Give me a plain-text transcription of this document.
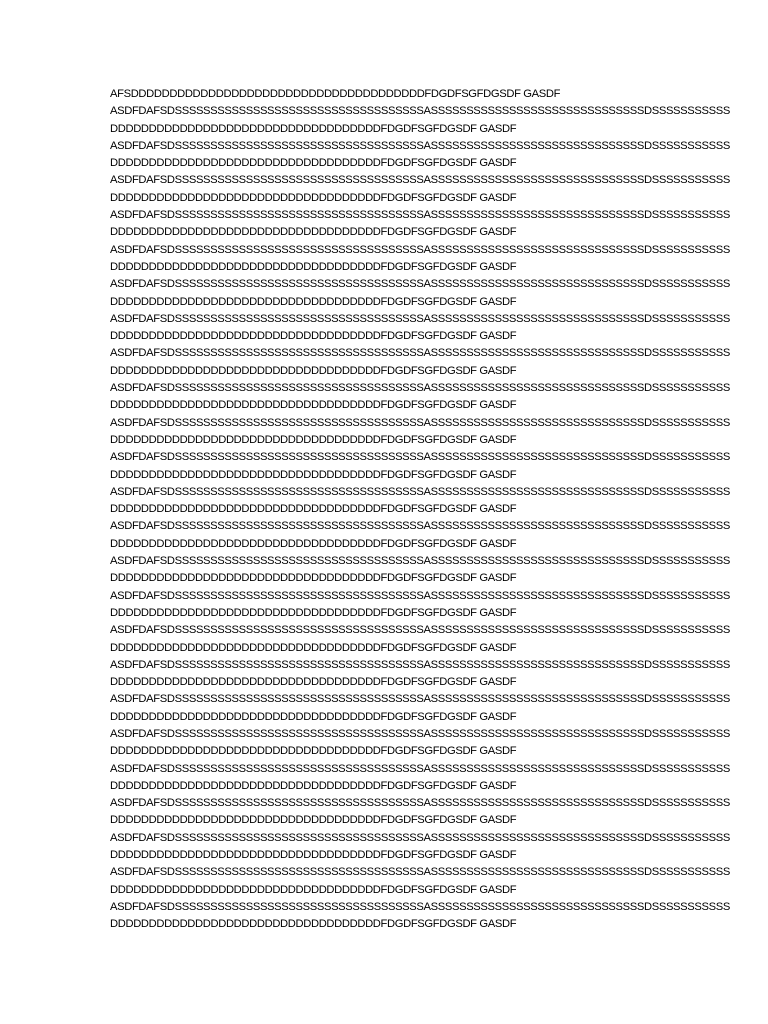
AFSDDDDDDDDDDDDDDDDDDDDDDDDDDDDDDDDDDDDDDFDGDFSGFDGSDF GASDF
ASDFDAFSDSSSSSSSSSSSSSSSSSSSSSSSSSSSSSSSSSSSASSSSSSSSSSSSSSSSSSSSSSSSSSSSSSDSSSSSSSSSSS
DDDDDDDDDDDDDDDDDDDDDDDDDDDDDDDDDDDFDGDFSGFDGSDF GASDF
ASDFDAFSDSSSSSSSSSSSSSSSSSSSSSSSSSSSSSSSSSSSASSSSSSSSSSSSSSSSSSSSSSSSSSSSSSDSSSSSSSSSSS
DDDDDDDDDDDDDDDDDDDDDDDDDDDDDDDDDDDFDGDFSGFDGSDF GASDF
ASDFDAFSDSSSSSSSSSSSSSSSSSSSSSSSSSSSSSSSSSSSASSSSSSSSSSSSSSSSSSSSSSSSSSSSSSDSSSSSSSSSSS
DDDDDDDDDDDDDDDDDDDDDDDDDDDDDDDDDDDFDGDFSGFDGSDF GASDF
ASDFDAFSDSSSSSSSSSSSSSSSSSSSSSSSSSSSSSSSSSSSASSSSSSSSSSSSSSSSSSSSSSSSSSSSSSDSSSSSSSSSSS
DDDDDDDDDDDDDDDDDDDDDDDDDDDDDDDDDDDFDGDFSGFDGSDF GASDF
ASDFDAFSDSSSSSSSSSSSSSSSSSSSSSSSSSSSSSSSSSSSASSSSSSSSSSSSSSSSSSSSSSSSSSSSSSDSSSSSSSSSSS
DDDDDDDDDDDDDDDDDDDDDDDDDDDDDDDDDDDFDGDFSGFDGSDF GASDF
ASDFDAFSDSSSSSSSSSSSSSSSSSSSSSSSSSSSSSSSSSSSASSSSSSSSSSSSSSSSSSSSSSSSSSSSSSDSSSSSSSSSSS
DDDDDDDDDDDDDDDDDDDDDDDDDDDDDDDDDDDFDGDFSGFDGSDF GASDF
ASDFDAFSDSSSSSSSSSSSSSSSSSSSSSSSSSSSSSSSSSSSASSSSSSSSSSSSSSSSSSSSSSSSSSSSSSDSSSSSSSSSSS
DDDDDDDDDDDDDDDDDDDDDDDDDDDDDDDDDDDFDGDFSGFDGSDF GASDF
ASDFDAFSDSSSSSSSSSSSSSSSSSSSSSSSSSSSSSSSSSSSASSSSSSSSSSSSSSSSSSSSSSSSSSSSSSDSSSSSSSSSSS
DDDDDDDDDDDDDDDDDDDDDDDDDDDDDDDDDDDFDGDFSGFDGSDF GASDF
ASDFDAFSDSSSSSSSSSSSSSSSSSSSSSSSSSSSSSSSSSSSASSSSSSSSSSSSSSSSSSSSSSSSSSSSSSDSSSSSSSSSSS
DDDDDDDDDDDDDDDDDDDDDDDDDDDDDDDDDDDFDGDFSGFDGSDF GASDF
ASDFDAFSDSSSSSSSSSSSSSSSSSSSSSSSSSSSSSSSSSSSASSSSSSSSSSSSSSSSSSSSSSSSSSSSSSDSSSSSSSSSSS
DDDDDDDDDDDDDDDDDDDDDDDDDDDDDDDDDDDFDGDFSGFDGSDF GASDF
ASDFDAFSDSSSSSSSSSSSSSSSSSSSSSSSSSSSSSSSSSSSASSSSSSSSSSSSSSSSSSSSSSSSSSSSSSDSSSSSSSSSSS
DDDDDDDDDDDDDDDDDDDDDDDDDDDDDDDDDDDFDGDFSGFDGSDF GASDF
ASDFDAFSDSSSSSSSSSSSSSSSSSSSSSSSSSSSSSSSSSSSASSSSSSSSSSSSSSSSSSSSSSSSSSSSSSDSSSSSSSSSSS
DDDDDDDDDDDDDDDDDDDDDDDDDDDDDDDDDDDFDGDFSGFDGSDF GASDF
ASDFDAFSDSSSSSSSSSSSSSSSSSSSSSSSSSSSSSSSSSSSASSSSSSSSSSSSSSSSSSSSSSSSSSSSSSDSSSSSSSSSSS
DDDDDDDDDDDDDDDDDDDDDDDDDDDDDDDDDDDFDGDFSGFDGSDF GASDF
ASDFDAFSDSSSSSSSSSSSSSSSSSSSSSSSSSSSSSSSSSSSASSSSSSSSSSSSSSSSSSSSSSSSSSSSSSDSSSSSSSSSSS
DDDDDDDDDDDDDDDDDDDDDDDDDDDDDDDDDDDFDGDFSGFDGSDF GASDF
ASDFDAFSDSSSSSSSSSSSSSSSSSSSSSSSSSSSSSSSSSSSASSSSSSSSSSSSSSSSSSSSSSSSSSSSSSDSSSSSSSSSSS
DDDDDDDDDDDDDDDDDDDDDDDDDDDDDDDDDDDFDGDFSGFDGSDF GASDF
ASDFDAFSDSSSSSSSSSSSSSSSSSSSSSSSSSSSSSSSSSSSASSSSSSSSSSSSSSSSSSSSSSSSSSSSSSDSSSSSSSSSSS
DDDDDDDDDDDDDDDDDDDDDDDDDDDDDDDDDDDFDGDFSGFDGSDF GASDF
ASDFDAFSDSSSSSSSSSSSSSSSSSSSSSSSSSSSSSSSSSSSASSSSSSSSSSSSSSSSSSSSSSSSSSSSSSDSSSSSSSSSSS
DDDDDDDDDDDDDDDDDDDDDDDDDDDDDDDDDDDFDGDFSGFDGSDF GASDF
ASDFDAFSDSSSSSSSSSSSSSSSSSSSSSSSSSSSSSSSSSSSASSSSSSSSSSSSSSSSSSSSSSSSSSSSSSDSSSSSSSSSSS
DDDDDDDDDDDDDDDDDDDDDDDDDDDDDDDDDDDFDGDFSGFDGSDF GASDF
ASDFDAFSDSSSSSSSSSSSSSSSSSSSSSSSSSSSSSSSSSSSASSSSSSSSSSSSSSSSSSSSSSSSSSSSSSDSSSSSSSSSSS
DDDDDDDDDDDDDDDDDDDDDDDDDDDDDDDDDDDFDGDFSGFDGSDF GASDF
ASDFDAFSDSSSSSSSSSSSSSSSSSSSSSSSSSSSSSSSSSSSASSSSSSSSSSSSSSSSSSSSSSSSSSSSSSDSSSSSSSSSSS
DDDDDDDDDDDDDDDDDDDDDDDDDDDDDDDDDDDFDGDFSGFDGSDF GASDF
ASDFDAFSDSSSSSSSSSSSSSSSSSSSSSSSSSSSSSSSSSSSASSSSSSSSSSSSSSSSSSSSSSSSSSSSSSDSSSSSSSSSSS
DDDDDDDDDDDDDDDDDDDDDDDDDDDDDDDDDDDFDGDFSGFDGSDF GASDF
ASDFDAFSDSSSSSSSSSSSSSSSSSSSSSSSSSSSSSSSSSSSASSSSSSSSSSSSSSSSSSSSSSSSSSSSSSDSSSSSSSSSSS
DDDDDDDDDDDDDDDDDDDDDDDDDDDDDDDDDDDFDGDFSGFDGSDF GASDF
ASDFDAFSDSSSSSSSSSSSSSSSSSSSSSSSSSSSSSSSSSSSASSSSSSSSSSSSSSSSSSSSSSSSSSSSSSDSSSSSSSSSSS
DDDDDDDDDDDDDDDDDDDDDDDDDDDDDDDDDDDFDGDFSGFDGSDF GASDF
ASDFDAFSDSSSSSSSSSSSSSSSSSSSSSSSSSSSSSSSSSSSASSSSSSSSSSSSSSSSSSSSSSSSSSSSSSDSSSSSSSSSSS
DDDDDDDDDDDDDDDDDDDDDDDDDDDDDDDDDDDFDGDFSGFDGSDF GASDF
